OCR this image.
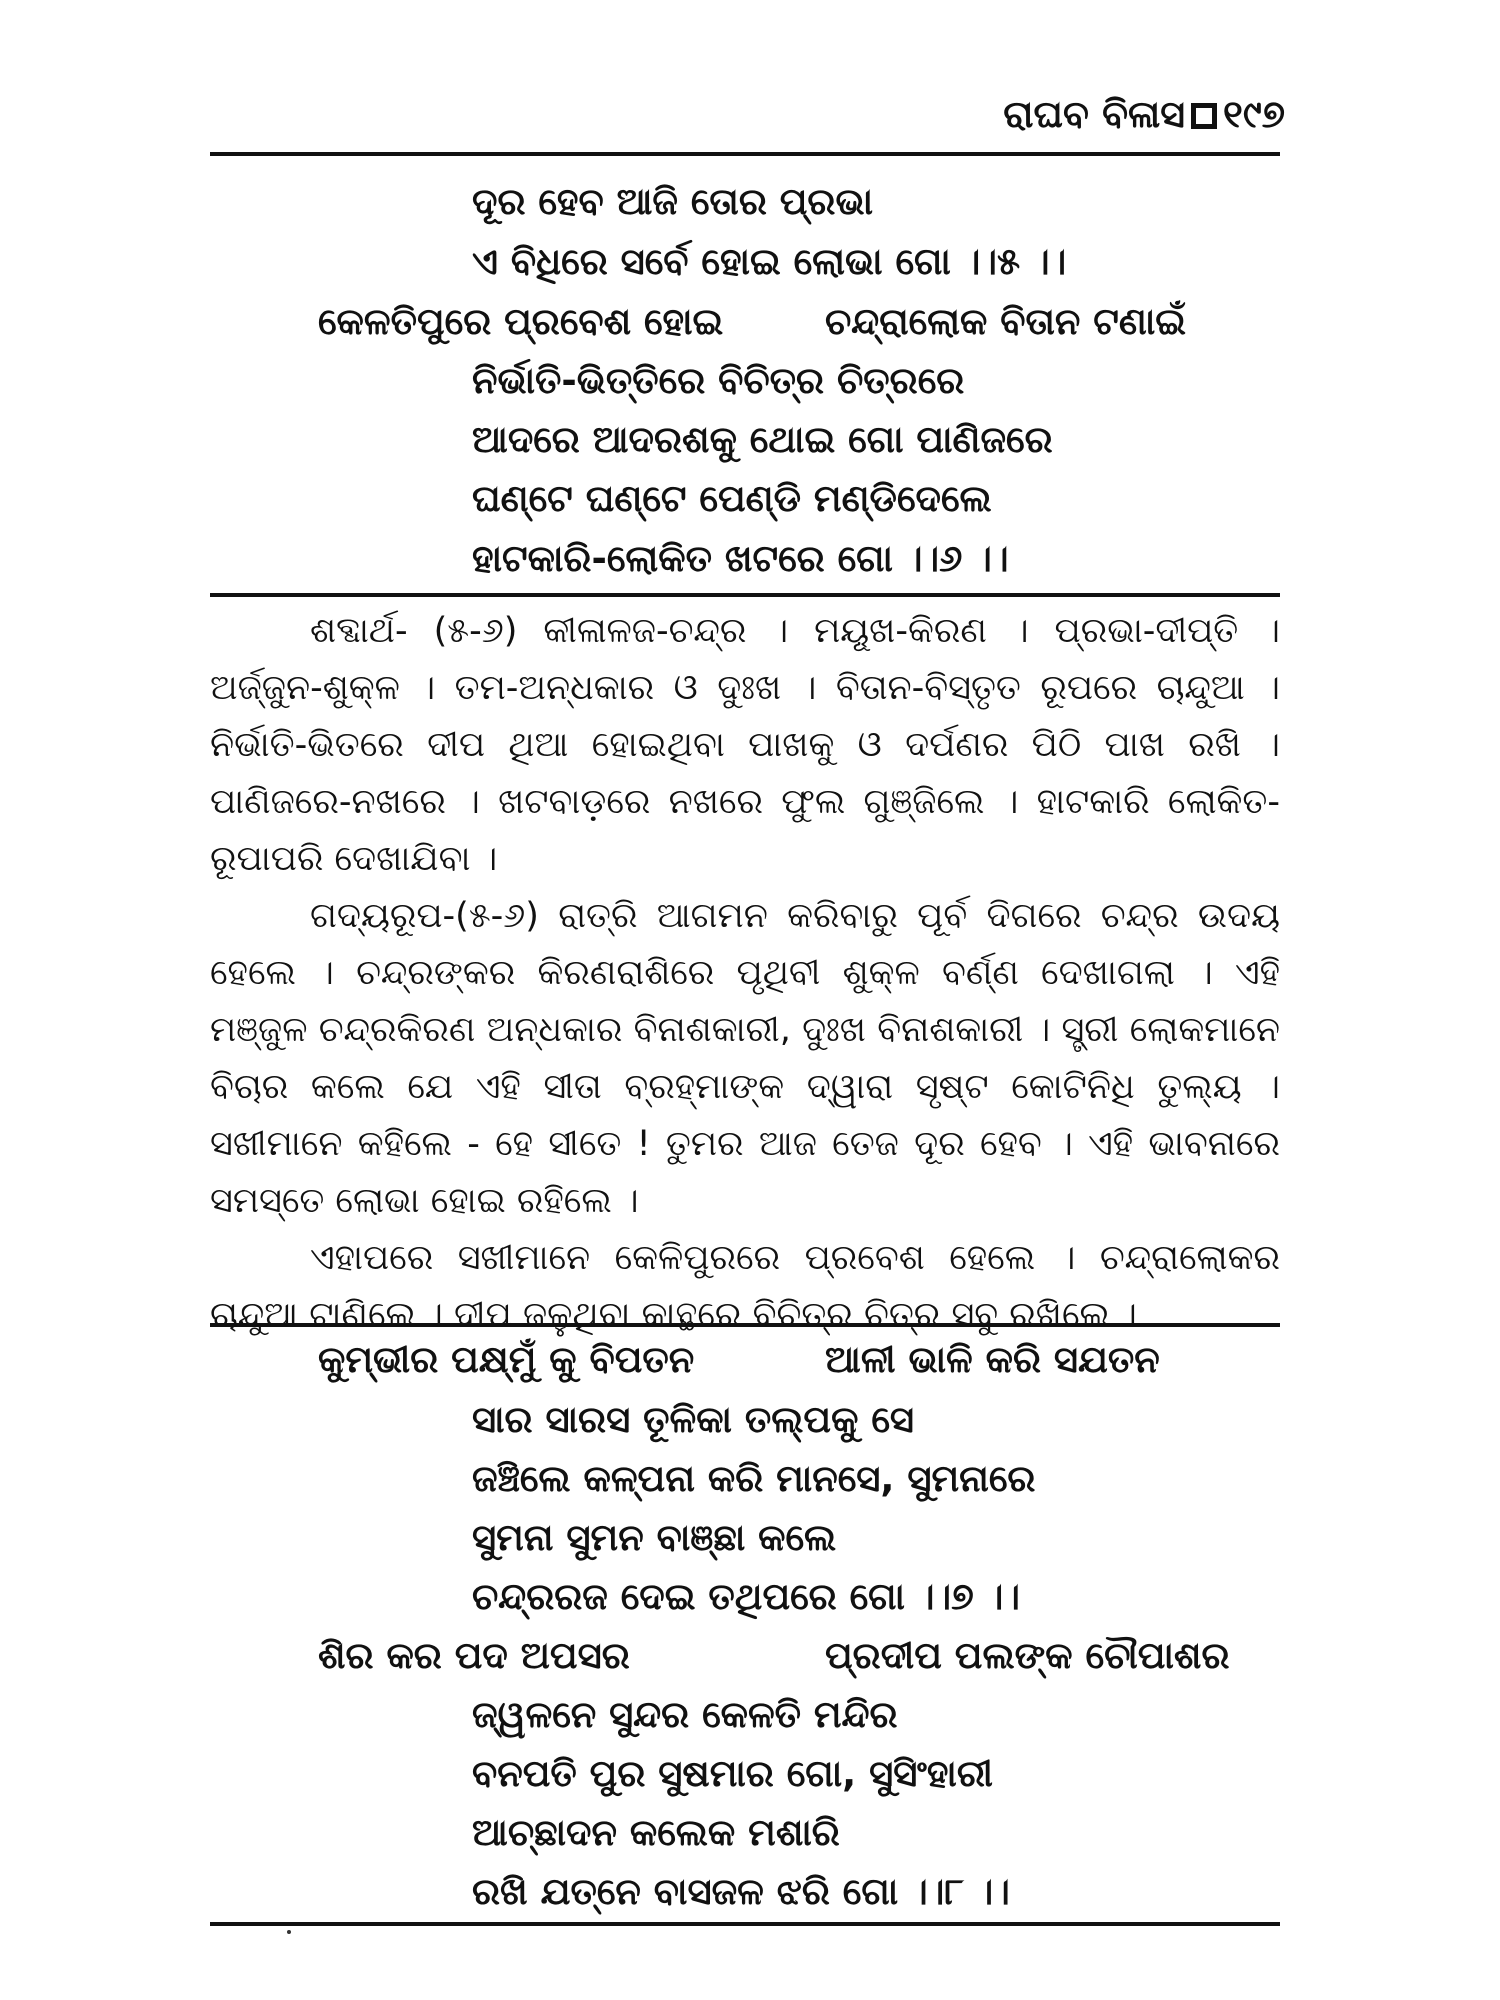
ରାଘବ ବିଳାସ ୧୯୭
ଦୂର ହେବ ଆଜି ତୋର ପ୍ରଭା
ଏ ବିଧିରେ ସର୍ବେ ହୋଇ ଲୋଭା ଗୋ ।।୫ ।।
କେଳତିପୁରେ ପ୍ରବେଶ ହୋଇ	ଚନ୍ଦ୍ରାଲୋକ ବିତାନ ଟଣାଇଁ
ନିର୍ଭାତି-ଭିତ୍ତିରେ ବିଚିତ୍ର ଚିତ୍ରରେ
ଆଦରେ ଆଦରଶକୁ ଥୋଇ ଗୋ ପାଣିଜରେ
ଘଣ୍ଟେ ଘଣ୍ଟେ ପେଣ୍ଡି ମଣ୍ଡିଦେଲେ
ହାଟକାରି-ଲୋକିତ ଖଟରେ ଗୋ ।।୬ ।।

ଶବ୍ଦାର୍ଥ- (୫-୬) କୀଳାଳଜ-ଚନ୍ଦ୍ର । ମୟୂଖ-କିରଣ । ପ୍ରଭା-ଦୀପ୍ତି । ଅର୍ଜ୍ଜୁନ-ଶୁକ୍ଳ । ତମ-ଅନ୍ଧକାର ଓ ଦୁଃଖ । ବିତାନ-ବିସ୍ତୃତ ରୂପରେ ଚାନ୍ଦୁଆ । ନିର୍ଭାତି-ଭିତରେ ଦୀପ ଥିଆ ହୋଇଥିବା ପାଖକୁ ଓ ଦର୍ପଣର ପିଠି ପାଖ ରଖି । ପାଣିଜରେ-ନଖରେ । ଖଟବାଡ଼ରେ ନଖରେ ଫୁଲ ଗୁଞ୍ଜିଲେ । ହାଟକାରି ଲୋକିତ-ରୂପାପରି ଦେଖାଯିବା ।

ଗଦ୍ୟରୂପ-(୫-୬) ରାତ୍ରି ଆଗମନ କରିବାରୁ ପୂର୍ବ ଦିଗରେ ଚନ୍ଦ୍ର ଉଦୟ ହେଲେ । ଚନ୍ଦ୍ରଙ୍କର କିରଣରାଶିରେ ପୃଥିବୀ ଶୁକ୍ଳ ବର୍ଣ୍ଣ ଦେଖାଗଲା । ଏହି ମଞ୍ଜୁଳ ଚନ୍ଦ୍ରକିରଣ ଅନ୍ଧକାର ବିନାଶକାରୀ, ଦୁଃଖ ବିନାଶକାରୀ । ସ୍ତ୍ରୀ ଲୋକମାନେ ବିଚାର କଲେ ଯେ ଏହି ସୀତା ବ୍ରହ୍ମାଙ୍କ ଦ୍ୱାରା ସୃଷ୍ଟ କୋଟିନିଧି ତୁଲ୍ୟ । ସଖୀମାନେ କହିଲେ - ହେ ସୀତେ ! ତୁମର ଆଜ ତେଜ ଦୂର ହେବ । ଏହି ଭାବନାରେ ସମସ୍ତେ ଲୋଭା ହୋଇ ରହିଲେ ।

ଏହାପରେ ସଖୀମାନେ କେଳିପୁରରେ ପ୍ରବେଶ ହେଲେ । ଚନ୍ଦ୍ରାଲୋକର ଚାନ୍ଦୁଆ ଟାଣିଲେ । ଦୀପ ଜଳୁଥିବା କାନ୍ଥରେ ବିଚିତ୍ର ଚିତ୍ର ସବୁ ରଖିଲେ ।

କୁମ୍ଭୀର ପକ୍ଷ୍ମୁଁ କୁ ବିପତନ	ଆଳୀ ଭାଳି କରି ସଯତନ
ସାର ସାରସ ତୂଳିକା ତଲ୍ପକୁ ସେ
ଜଞ୍ଚିଲେ କଳ୍ପନା କରି ମାନସେ, ସୁମନାରେ
ସୁମନା ସୁମନ ବାଞ୍ଛା କଲେ
ଚନ୍ଦ୍ରରଜ ଦେଇ ତଥିପରେ ଗୋ ।।୭ ।।
ଶିର କର ପଦ ଅପସର	ପ୍ରଦୀପ ପଲଙ୍କ ଚୌପାଶର
ଜ୍ୱଳନେ ସୁନ୍ଦର କେଳତି ମନ୍ଦିର
ବନପତି ପୁର ସୁଷମାର ଗୋ, ସୁସିଂହାରୀ
ଆଚ୍ଛାଦନ କଲେକ ମଶାରି
ରଖି ଯତ୍ନେ ବାସଜଳ ଝରି ଗୋ ।।୮ ।।
